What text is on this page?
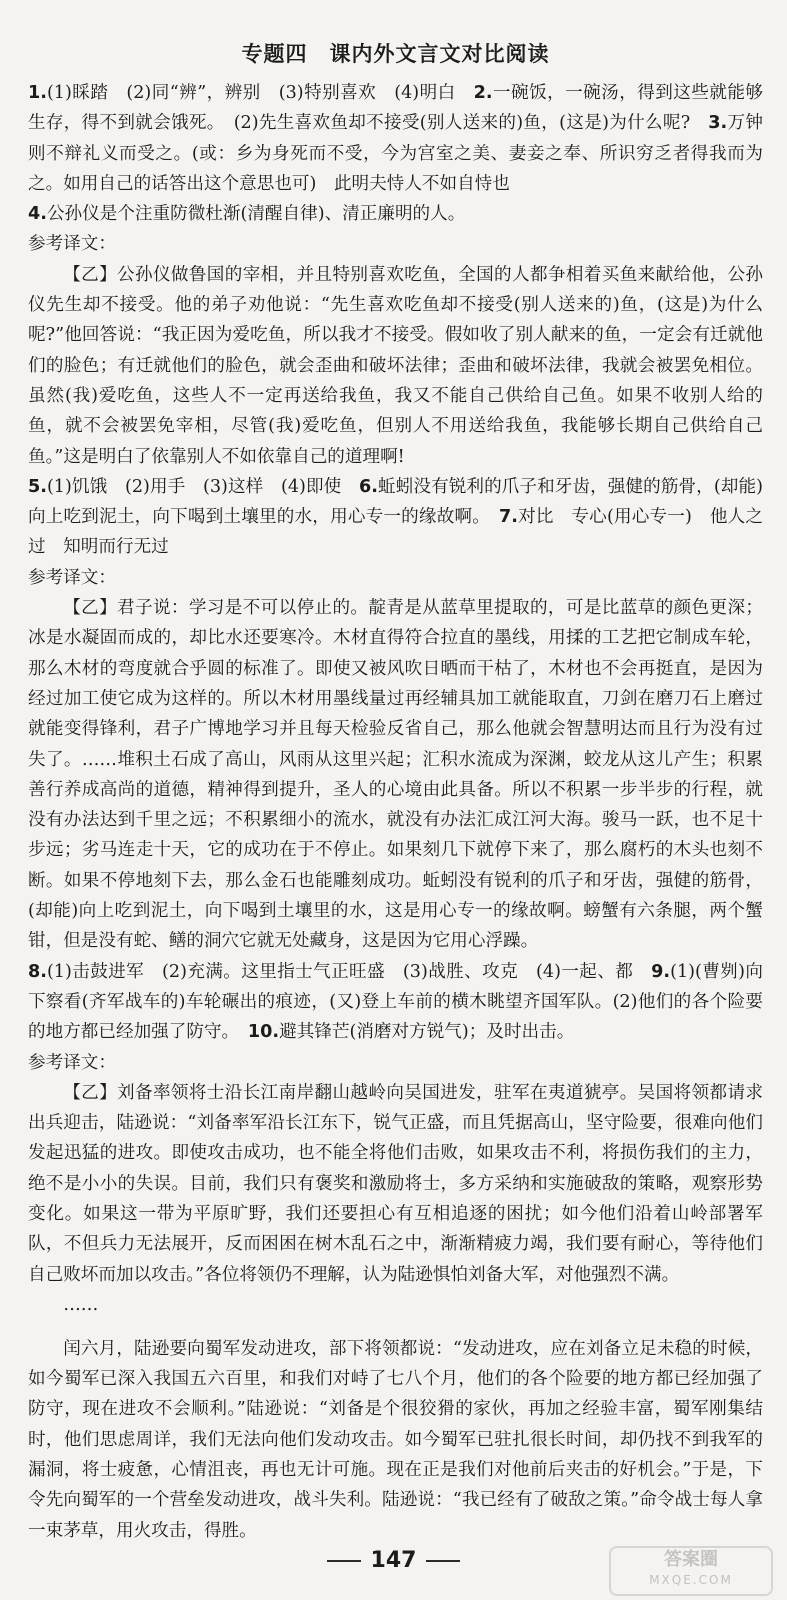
专题四　课内外文言文对比阅读

1.(1)睬踏　(2)同“辨”，辨别　(3)特别喜欢　(4)明白　2.一碗饭，一碗汤，得到这些就能够生存，得不到就会饿死。　(2)先生喜欢鱼却不接受(别人送来的)鱼，(这是)为什么呢?　3.万钟则不辩礼义而受之。(或：乡为身死而不受，今为宫室之美、妻妾之奉、所识穷乏者得我而为之。如用自己的话答出这个意思也可)　此明夫恃人不如自恃也

4.公孙仪是个注重防微杜渐(清醒自律)、清正廉明的人。

参考译文：

【乙】公孙仪做鲁国的宰相，并且特别喜欢吃鱼，全国的人都争相着买鱼来献给他，公孙仪先生却不接受。他的弟子劝他说：“先生喜欢吃鱼却不接受(别人送来的)鱼，(这是)为什么呢?”他回答说：“我正因为爱吃鱼，所以我才不接受。假如收了别人献来的鱼，一定会有迁就他们的脸色；有迁就他们的脸色，就会歪曲和破坏法律；歪曲和破坏法律，我就会被罢免相位。虽然(我)爱吃鱼，这些人不一定再送给我鱼，我又不能自己供给自己鱼。如果不收别人给的鱼，就不会被罢免宰相，尽管(我)爱吃鱼，但别人不用送给我鱼，我能够长期自己供给自己鱼。”这是明白了依靠别人不如依靠自己的道理啊!

5.(1)饥饿　(2)用手　(3)这样　(4)即使　6.蚯蚓没有锐利的爪子和牙齿，强健的筋骨，(却能)向上吃到泥土，向下喝到土壤里的水，用心专一的缘故啊。　7.对比　专心(用心专一)　他人之过　知明而行无过

参考译文：

【乙】君子说：学习是不可以停止的。靛青是从蓝草里提取的，可是比蓝草的颜色更深；冰是水凝固而成的，却比水还要寒冷。木材直得符合拉直的墨线，用揉的工艺把它制成车轮，那么木材的弯度就合乎圆的标准了。即使又被风吹日晒而干枯了，木材也不会再挺直，是因为经过加工使它成为这样的。所以木材用墨线量过再经辅具加工就能取直，刀剑在磨刀石上磨过就能变得锋利，君子广博地学习并且每天检验反省自己，那么他就会智慧明达而且行为没有过失了。……堆积土石成了高山，风雨从这里兴起；汇积水流成为深渊，蛟龙从这儿产生；积累善行养成高尚的道德，精神得到提升，圣人的心境由此具备。所以不积累一步半步的行程，就没有办法达到千里之远；不积累细小的流水，就没有办法汇成江河大海。骏马一跃，也不足十步远；劣马连走十天，它的成功在于不停止。如果刻几下就停下来了，那么腐朽的木头也刻不断。如果不停地刻下去，那么金石也能雕刻成功。蚯蚓没有锐利的爪子和牙齿，强健的筋骨，(却能)向上吃到泥土，向下喝到土壤里的水，这是用心专一的缘故啊。螃蟹有六条腿，两个蟹钳，但是没有蛇、鳝的洞穴它就无处藏身，这是因为它用心浮躁。

8.(1)击鼓进军　(2)充满。这里指士气正旺盛　(3)战胜、攻克　(4)一起、都　9.(1)(曹刿)向下察看(齐军战车的)车轮碾出的痕迹，(又)登上车前的横木眺望齐国军队。(2)他们的各个险要的地方都已经加强了防守。　10.避其锋芒(消磨对方锐气)；及时出击。

参考译文：

【乙】刘备率领将士沿长江南岸翻山越岭向吴国进发，驻军在夷道猇亭。吴国将领都请求出兵迎击，陆逊说：“刘备率军沿长江东下，锐气正盛，而且凭据高山，坚守险要，很难向他们发起迅猛的进攻。即使攻击成功，也不能全将他们击败，如果攻击不利，将损伤我们的主力，绝不是小小的失误。目前，我们只有褒奖和激励将士，多方采纳和实施破敌的策略，观察形势变化。如果这一带为平原旷野，我们还要担心有互相追逐的困扰；如今他们沿着山岭部署军队，不但兵力无法展开，反而困困在树木乱石之中，渐渐精疲力竭，我们要有耐心，等待他们自己败坏而加以攻击。”各位将领仍不理解，认为陆逊惧怕刘备大军，对他强烈不满。

……

闰六月，陆逊要向蜀军发动进攻，部下将领都说：“发动进攻，应在刘备立足未稳的时候，如今蜀军已深入我国五六百里，和我们对峙了七八个月，他们的各个险要的地方都已经加强了防守，现在进攻不会顺利。”陆逊说：“刘备是个很狡猾的家伙，再加之经验丰富，蜀军刚集结时，他们思虑周详，我们无法向他们发动攻击。如今蜀军已驻扎很长时间，却仍找不到我军的漏洞，将士疲惫，心情沮丧，再也无计可施。现在正是我们对他前后夹击的好机会。”于是，下令先向蜀军的一个营垒发动进攻，战斗失利。陆逊说：“我已经有了破敌之策。”命令战士每人拿一束茅草，用火攻击，得胜。

147	答案圈
MXQE.COM
